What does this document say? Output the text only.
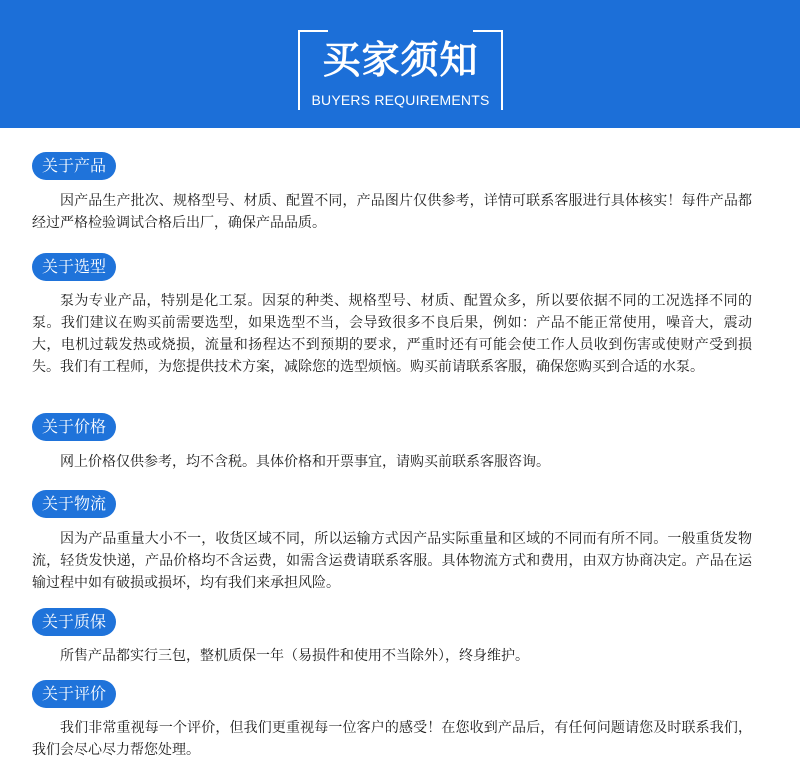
买家须知
BUYERS REQUIREMENTS
关于产品

因产品生产批次、规格型号、材质、配置不同，产品图片仅供参考，详情可联系客服进行具体核实！每件产品都经过严格检验调试合格后出厂，确保产品品质。

关于选型

泵为专业产品，特别是化工泵。因泵的种类、规格型号、材质、配置众多，所以要依据不同的工况选择不同的泵。我们建议在购买前需要选型，如果选型不当，会导致很多不良后果，例如：产品不能正常使用，噪音大，震动大，电机过载发热或烧损，流量和扬程达不到预期的要求，严重时还有可能会使工作人员收到伤害或使财产受到损失。我们有工程师，为您提供技术方案，减除您的选型烦恼。购买前请联系客服，确保您购买到合适的水泵。

关于价格

网上价格仅供参考，均不含税。具体价格和开票事宜，请购买前联系客服咨询。

关于物流

因为产品重量大小不一，收货区域不同，所以运输方式因产品实际重量和区域的不同而有所不同。一般重货发物流，轻货发快递，产品价格均不含运费，如需含运费请联系客服。具体物流方式和费用，由双方协商决定。产品在运输过程中如有破损或损坏，均有我们来承担风险。

关于质保

所售产品都实行三包，整机质保一年（易损件和使用不当除外），终身维护。

关于评价

我们非常重视每一个评价，但我们更重视每一位客户的感受！在您收到产品后，有任何问题请您及时联系我们，我们会尽心尽力帮您处理。
